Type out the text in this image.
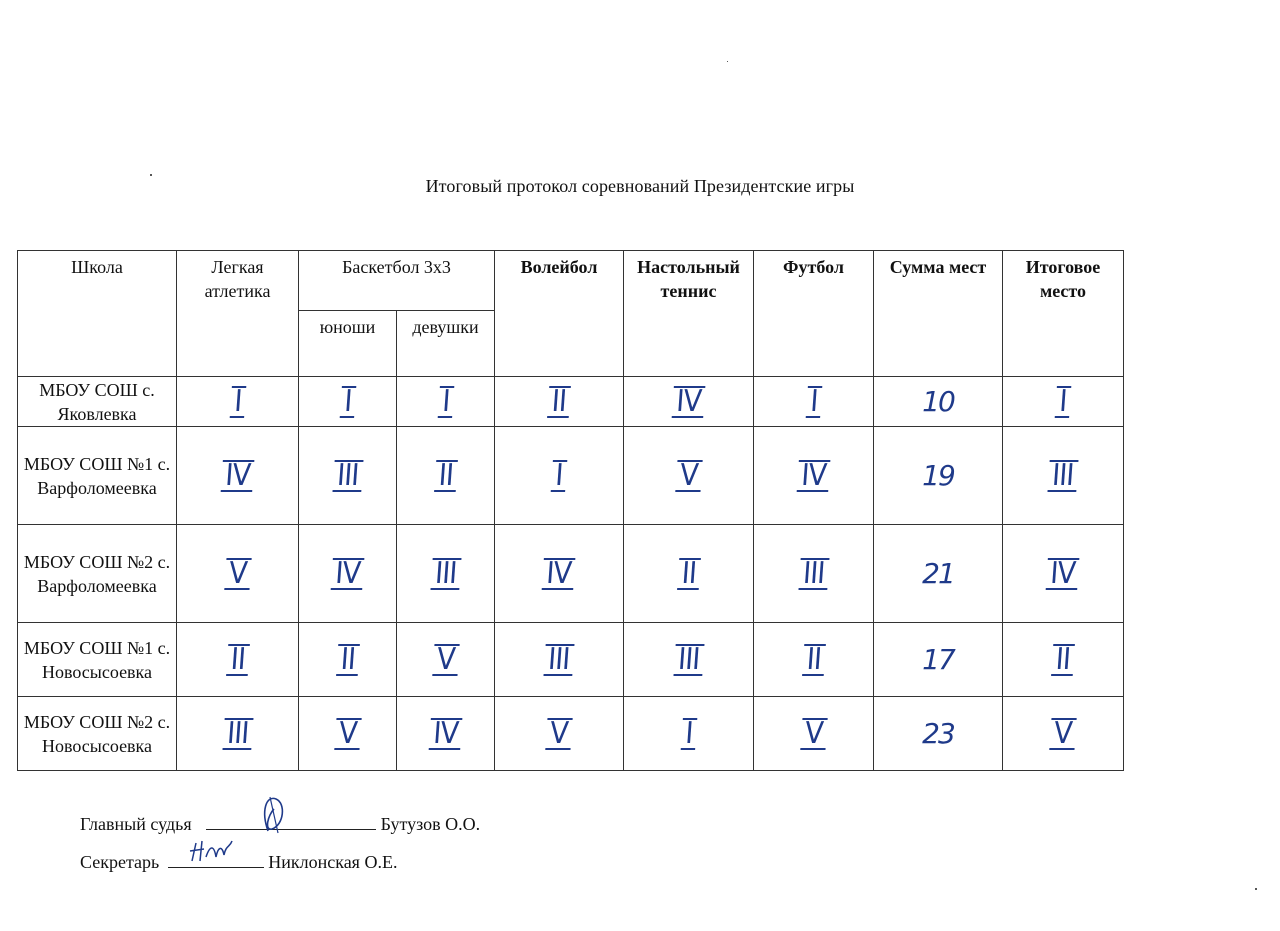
Итоговый протокол соревнований Президентские игры
Школа	Легкая атлетика	Баскетбол 3х3		Волейбол	Настольный теннис	Футбол	Сумма мест	Итоговое место
		юноши	девушки					
МБОУ СОШ с. Яковлевка	I	I	I	II	IV	I	10	I
МБОУ СОШ №1 с. Варфоломеевка	IV	III	II	I	V	IV	19	III
МБОУ СОШ №2 с. Варфоломеевка	V	IV	III	IV	II	III	21	IV
МБОУ СОШ №1 с. Новосысоевка	II	II	V	III	III	II	17	II
МБОУ СОШ №2 с. Новосысоевка	III	V	IV	V	I	V	23	V
Главный судья	Бутузов О.О.
Секретарь	Никлонская О.Е.
